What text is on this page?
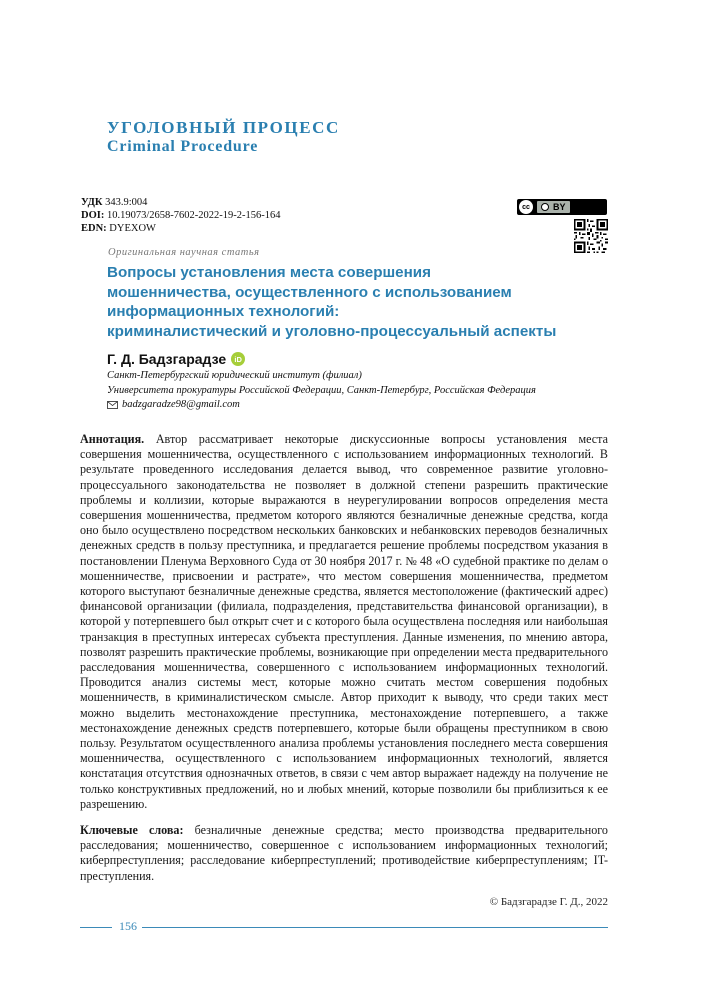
УГОЛОВНЫЙ ПРОЦЕСС
Criminal Procedure
УДК 343.9:004
DOI: 10.19073/2658-7602-2022-19-2-156-164
EDN: DYEXOW
cc	BY
Оригинальная научная статья
Вопросы установления места совершения
мошенничества, осуществленного с использованием
информационных технологий:
криминалистический и уголовно-процессуальный аспекты
Г. Д. Бадзгарадзе	iD
Санкт-Петербургский юридический институт (филиал)
Университета прокуратуры Российской Федерации, Санкт-Петербург, Российская Федерация
badzgaradze98@gmail.com
Аннотация. Автор рассматривает некоторые дискуссионные вопросы установления места совершения мошенничества, осуществленного с использованием информационных технологий. В результате проведенного исследования делается вывод, что современное развитие уголовно-процессуального законодательства не позволяет в должной степени разрешить практические проблемы и коллизии, которые выражаются в неурегулировании вопросов определения места совершения мошенничества, предметом которого являются безналичные денежные средства, когда оно было осуществлено посредством нескольких банковских и небанковских переводов безналичных денежных средств в пользу преступника, и предлагается решение проблемы посредством указания в постановлении Пленума Верховного Суда от 30 ноября 2017 г. № 48 «О судебной практике по делам о мошенничестве, присвоении и растрате», что местом совершения мошенничества, предметом которого выступают безналичные денежные средства, является местоположение (фактический адрес) финансовой организации (филиала, подразделения, представительства финансовой организации), в которой у потерпевшего был открыт счет и с которого была осуществлена последняя или наибольшая транзакция в преступных интересах субъекта преступления. Данные изменения, по мнению автора, позволят разрешить практические проблемы, возникающие при определении места предварительного расследования мошенничества, совершенного с использованием информационных технологий. Проводится анализ системы мест, которые можно считать местом совершения подобных мошенничеств, в криминалистическом смысле. Автор приходит к выводу, что среди таких мест можно выделить местонахождение преступника, местонахождение потерпевшего, а также местонахождение денежных средств потерпевшего, которые были обращены преступником в свою пользу. Результатом осуществленного анализа проблемы установления последнего места совершения мошенничества, осуществленного с использованием информационных технологий, является констатация отсутствия однозначных ответов, в связи с чем автор выражает надежду на получение не только конструктивных предложений, но и любых мнений, которые позволили бы приблизиться к ее разрешению.
Ключевые слова: безналичные денежные средства; место производства предварительного расследования; мошенничество, совершенное с использованием информационных технологий; киберпреступления; расследование киберпреступлений; противодействие киберпреступлениям; IT-преступления.
© Бадзгарадзе Г. Д., 2022
156
